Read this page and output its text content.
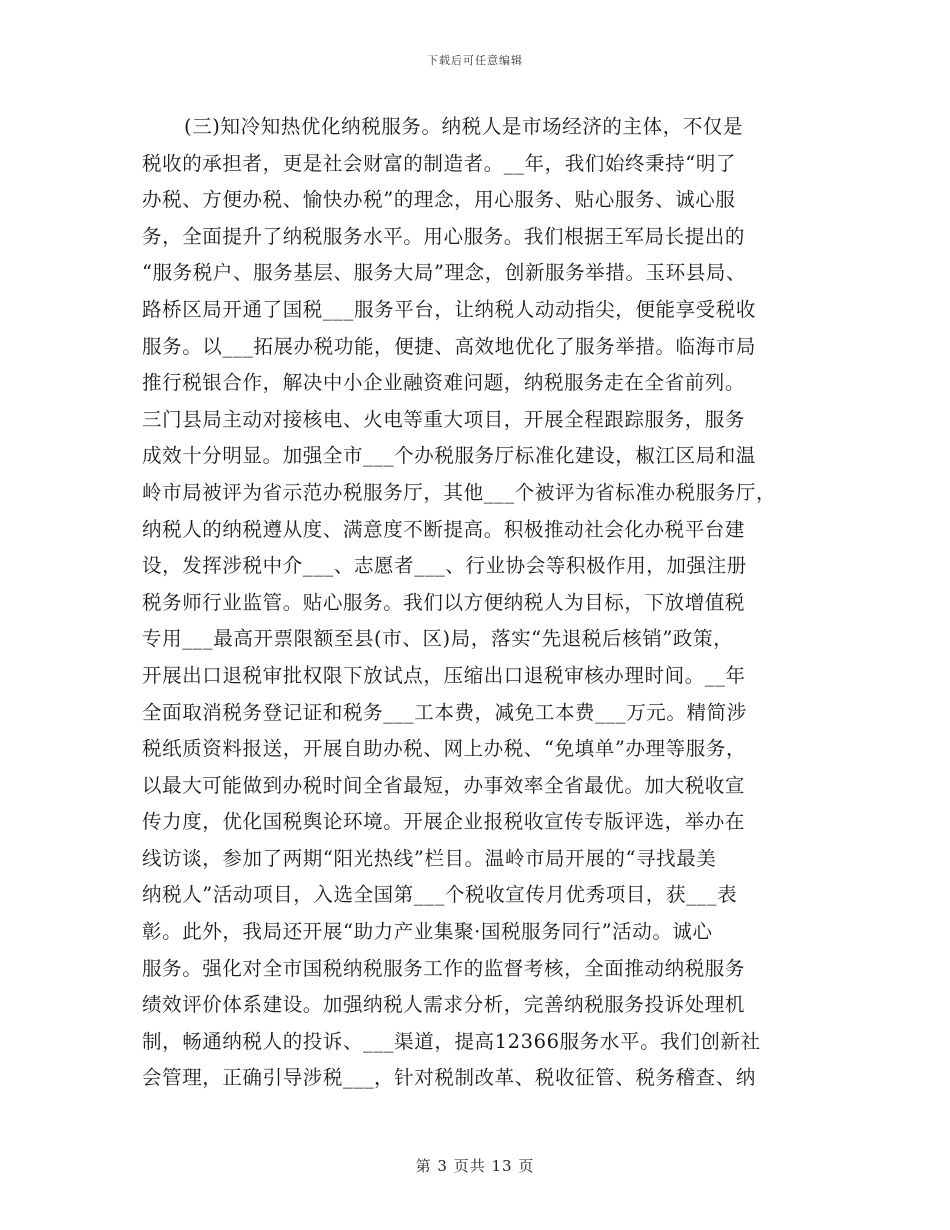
下载后可任意编辑
(三)知冷知热优化纳税服务。纳税人是市场经济的主体，不仅是
税收的承担者，更是社会财富的制造者。__年，我们始终秉持“明了
办税、方便办税、愉快办税”的理念，用心服务、贴心服务、诚心服
务，全面提升了纳税服务水平。用心服务。我们根据王军局长提出的
“服务税户、服务基层、服务大局”理念，创新服务举措。玉环县局、
路桥区局开通了国税___服务平台，让纳税人动动指尖，便能享受税收
服务。以___拓展办税功能，便捷、高效地优化了服务举措。临海市局
推行税银合作，解决中小企业融资难问题，纳税服务走在全省前列。
三门县局主动对接核电、火电等重大项目，开展全程跟踪服务，服务
成效十分明显。加强全市___个办税服务厅标准化建设，椒江区局和温
岭市局被评为省示范办税服务厅，其他___个被评为省标准办税服务厅，
纳税人的纳税遵从度、满意度不断提高。积极推动社会化办税平台建
设，发挥涉税中介___、志愿者___、行业协会等积极作用，加强注册
税务师行业监管。贴心服务。我们以方便纳税人为目标，下放增值税
专用___最高开票限额至县(市、区)局，落实“先退税后核销”政策，
开展出口退税审批权限下放试点，压缩出口退税审核办理时间。__年
全面取消税务登记证和税务___工本费，减免工本费___万元。精简涉
税纸质资料报送，开展自助办税、网上办税、“免填单”办理等服务，
以最大可能做到办税时间全省最短，办事效率全省最优。加大税收宣
传力度，优化国税舆论环境。开展企业报税收宣传专版评选，举办在
线访谈，参加了两期“阳光热线”栏目。温岭市局开展的“寻找最美
纳税人”活动项目，入选全国第___个税收宣传月优秀项目，获___表
彰。此外，我局还开展“助力产业集聚·国税服务同行”活动。诚心
服务。强化对全市国税纳税服务工作的监督考核，全面推动纳税服务
绩效评价体系建设。加强纳税人需求分析，完善纳税服务投诉处理机
制，畅通纳税人的投诉、___渠道，提高12366服务水平。我们创新社
会管理，正确引导涉税___，针对税制改革、税收征管、税务稽查、纳
第 3 页共 13 页
